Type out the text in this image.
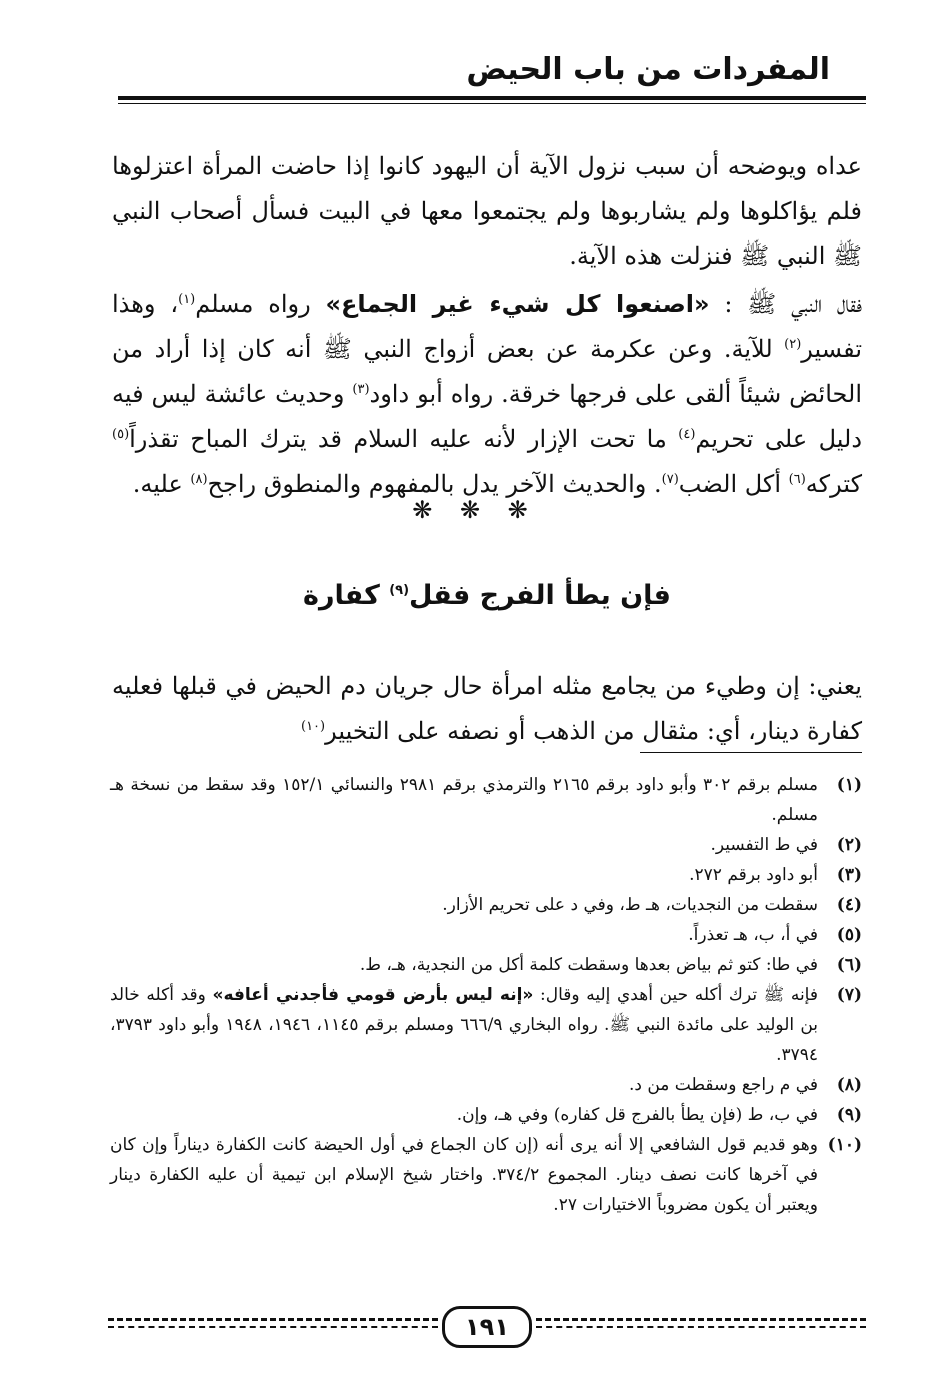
المفردات من باب الحيض

عداه ويوضحه أن سبب نزول الآية أن اليهود كانوا إذا حاضت المرأة اعتزلوها فلم يؤاكلوها ولم يشاربوها ولم يجتمعوا معها في البيت فسأل أصحاب النبي ﷺ النبي ﷺ فنزلت هذه الآية.

فقال النبي ﷺ : «اصنعوا كل شيء غير الجماع» رواه مسلم$^{(١)}$، وهذا تفسير$^{(٢)}$ للآية. وعن عكرمة عن بعض أزواج النبي ﷺ أنه كان إذا أراد من الحائض شيئاً ألقى على فرجها خرقة. رواه أبو داود$^{(٣)}$ وحديث عائشة ليس فيه دليل على تحريم$^{(٤)}$ ما تحت الإزار لأنه عليه السلام قد يترك المباح تقذراً$^{(٥)}$ كتركه$^{(٦)}$ أكل الضب$^{(٧)}$. والحديث الآخر يدل بالمفهوم والمنطوق راجح$^{(٨)}$ عليه.

❋ ❋ ❋
فإن يطأ الفرج فقل$^{(٩)}$ كفارة

يعني: إن وطيء من يجامع مثله امرأة حال جريان دم الحيض في قبلها فعليه كفارة دينار، أي: مثقال من الذهب أو نصفه على التخيير$^{(١٠)}$

(١)
مسلم برقم ٣٠٢ وأبو داود برقم ٢١٦٥ والترمذي برقم ٢٩٨١ والنسائي ١٥٢/١ وقد سقط من نسخة هـ مسلم.
(٢)
في ط التفسير.
(٣)
أبو داود برقم ٢٧٢.
(٤)
سقطت من النجديات، هـ ط، وفي د على تحريم الأزار.
(٥)
في أ، ب، هـ تعذراً.
(٦)
في طا: كتو ثم بياض بعدها وسقطت كلمة أكل من النجدية، هـ، ط.
(٧)
فإنه ﷺ ترك أكله حين أهدي إليه وقال: «إنه ليس بأرض قومي فأجدني أعافه» وقد أكله خالد بن الوليد على مائدة النبي ﷺ. رواه البخاري ٦٦٦/٩ ومسلم برقم ١١٤٥، ١٩٤٦، ١٩٤٨ وأبو داود ٣٧٩٣، ٣٧٩٤.
(٨)
في م راجع وسقطت من د.
(٩)
في ب، ط (فإن يطأ بالفرج قل كفاره) وفي هـ، وإن.
(١٠)
وهو قديم قول الشافعي إلا أنه يرى أنه (إن كان الجماع في أول الحيضة كانت الكفارة ديناراً وإن كان في آخرها كانت نصف دينار. المجموع ٣٧٤/٢. واختار شيخ الإسلام ابن تيمية أن عليه الكفارة دينار ويعتبر أن يكون مضروباً الاختيارات ٢٧.
١٩١
